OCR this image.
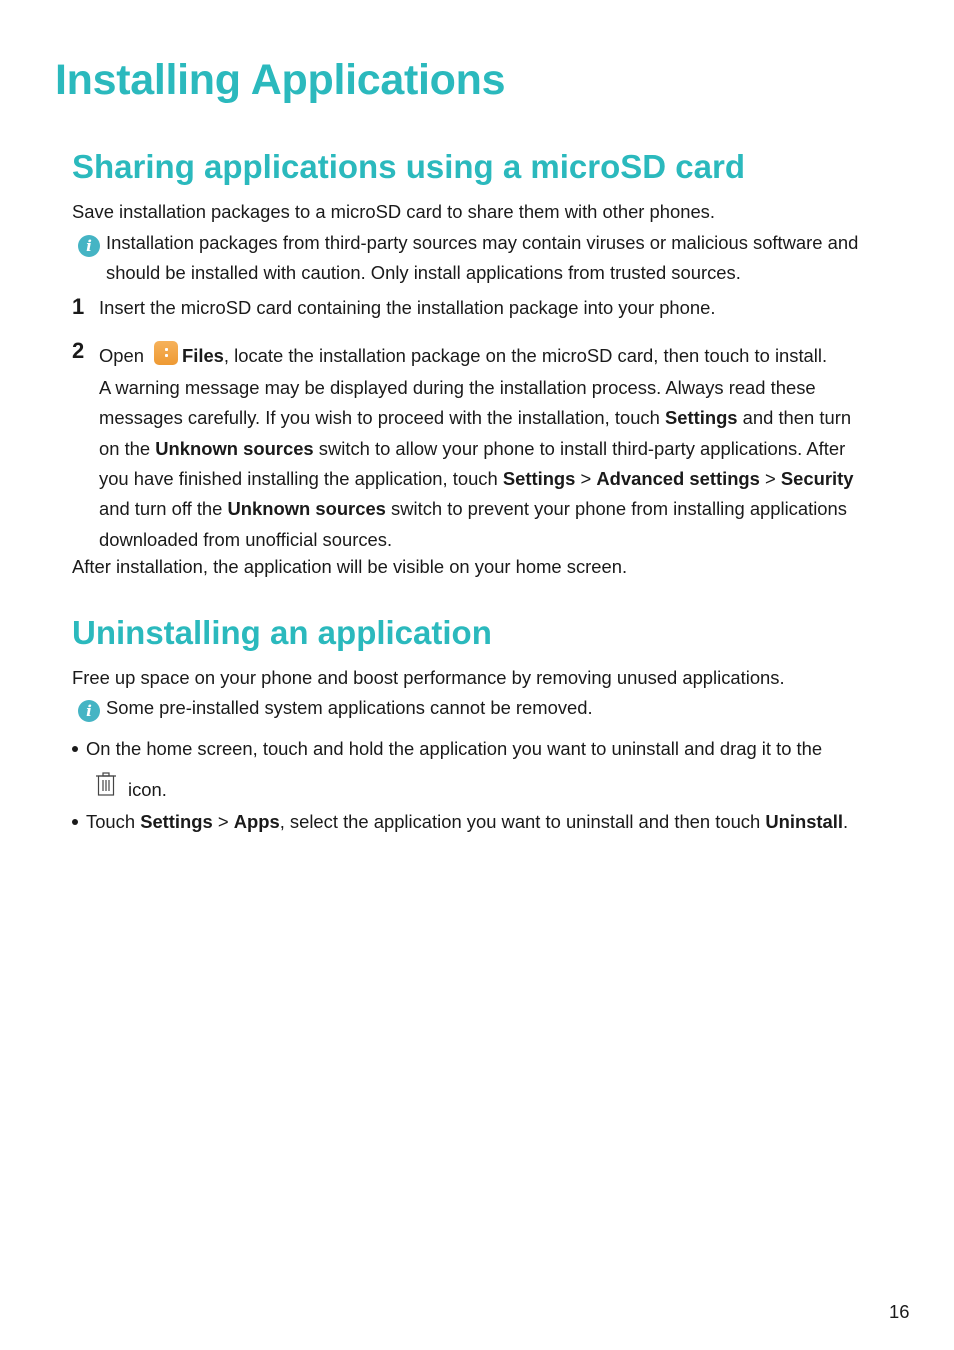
Installing Applications
Sharing applications using a microSD card
Save installation packages to a microSD card to share them with other phones.
i Installation packages from third-party sources may contain viruses or malicious software and
should be installed with caution. Only install applications from trusted sources.
1 Insert the microSD card containing the installation package into your phone.
2 Open Files, locate the installation package on the microSD card, then touch to install.
A warning message may be displayed during the installation process. Always read these
messages carefully. If you wish to proceed with the installation, touch Settings and then turn
on the Unknown sources switch to allow your phone to install third-party applications. After
you have finished installing the application, touch Settings > Advanced settings > Security
and turn off the Unknown sources switch to prevent your phone from installing applications
downloaded from unofficial sources.
After installation, the application will be visible on your home screen.
Uninstalling an application
Free up space on your phone and boost performance by removing unused applications.
i Some pre-installed system applications cannot be removed.
On the home screen, touch and hold the application you want to uninstall and drag it to the
icon.
Touch Settings > Apps, select the application you want to uninstall and then touch Uninstall.
16
